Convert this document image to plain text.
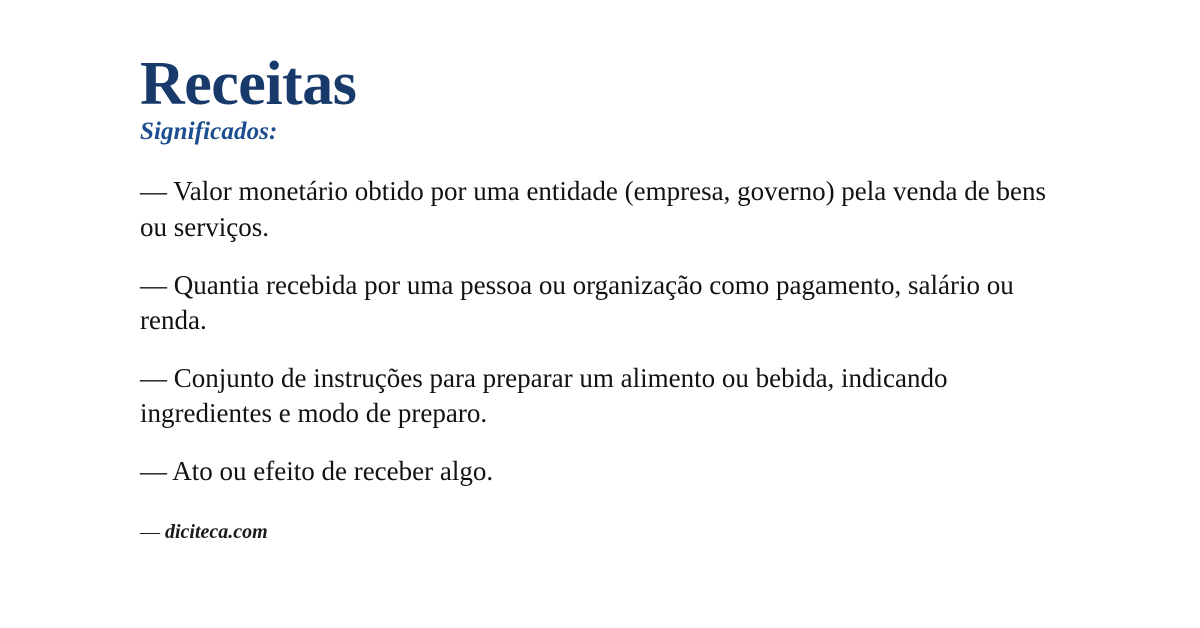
Receitas
Significados:
— Valor monetário obtido por uma entidade (empresa, governo) pela venda de bens ou serviços.
— Quantia recebida por uma pessoa ou organização como pagamento, salário ou renda.
— Conjunto de instruções para preparar um alimento ou bebida, indicando ingredientes e modo de preparo.
— Ato ou efeito de receber algo.
— diciteca.com
